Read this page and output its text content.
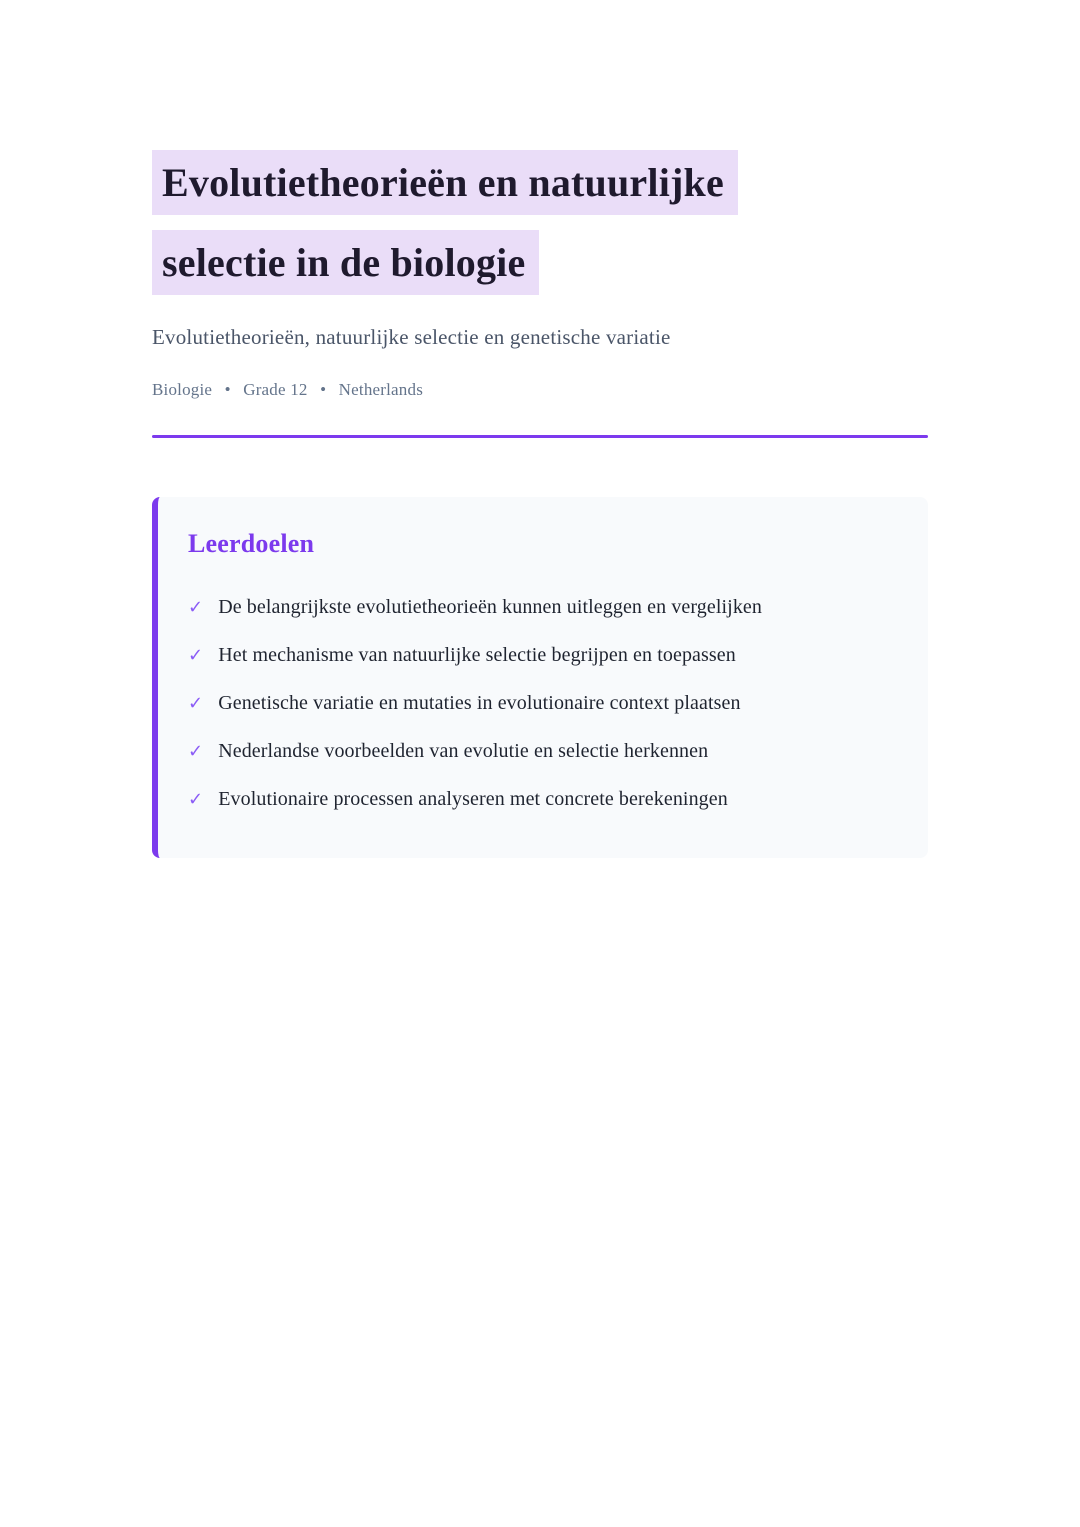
Evolutietheorieën en natuurlijke
selectie in de biologie
Evolutietheorieën, natuurlijke selectie en genetische variatie
Biologie • Grade 12 • Netherlands
Leerdoelen
✓ De belangrijkste evolutietheorieën kunnen uitleggen en vergelijken
✓ Het mechanisme van natuurlijke selectie begrijpen en toepassen
✓ Genetische variatie en mutaties in evolutionaire context plaatsen
✓ Nederlandse voorbeelden van evolutie en selectie herkennen
✓ Evolutionaire processen analyseren met concrete berekeningen
